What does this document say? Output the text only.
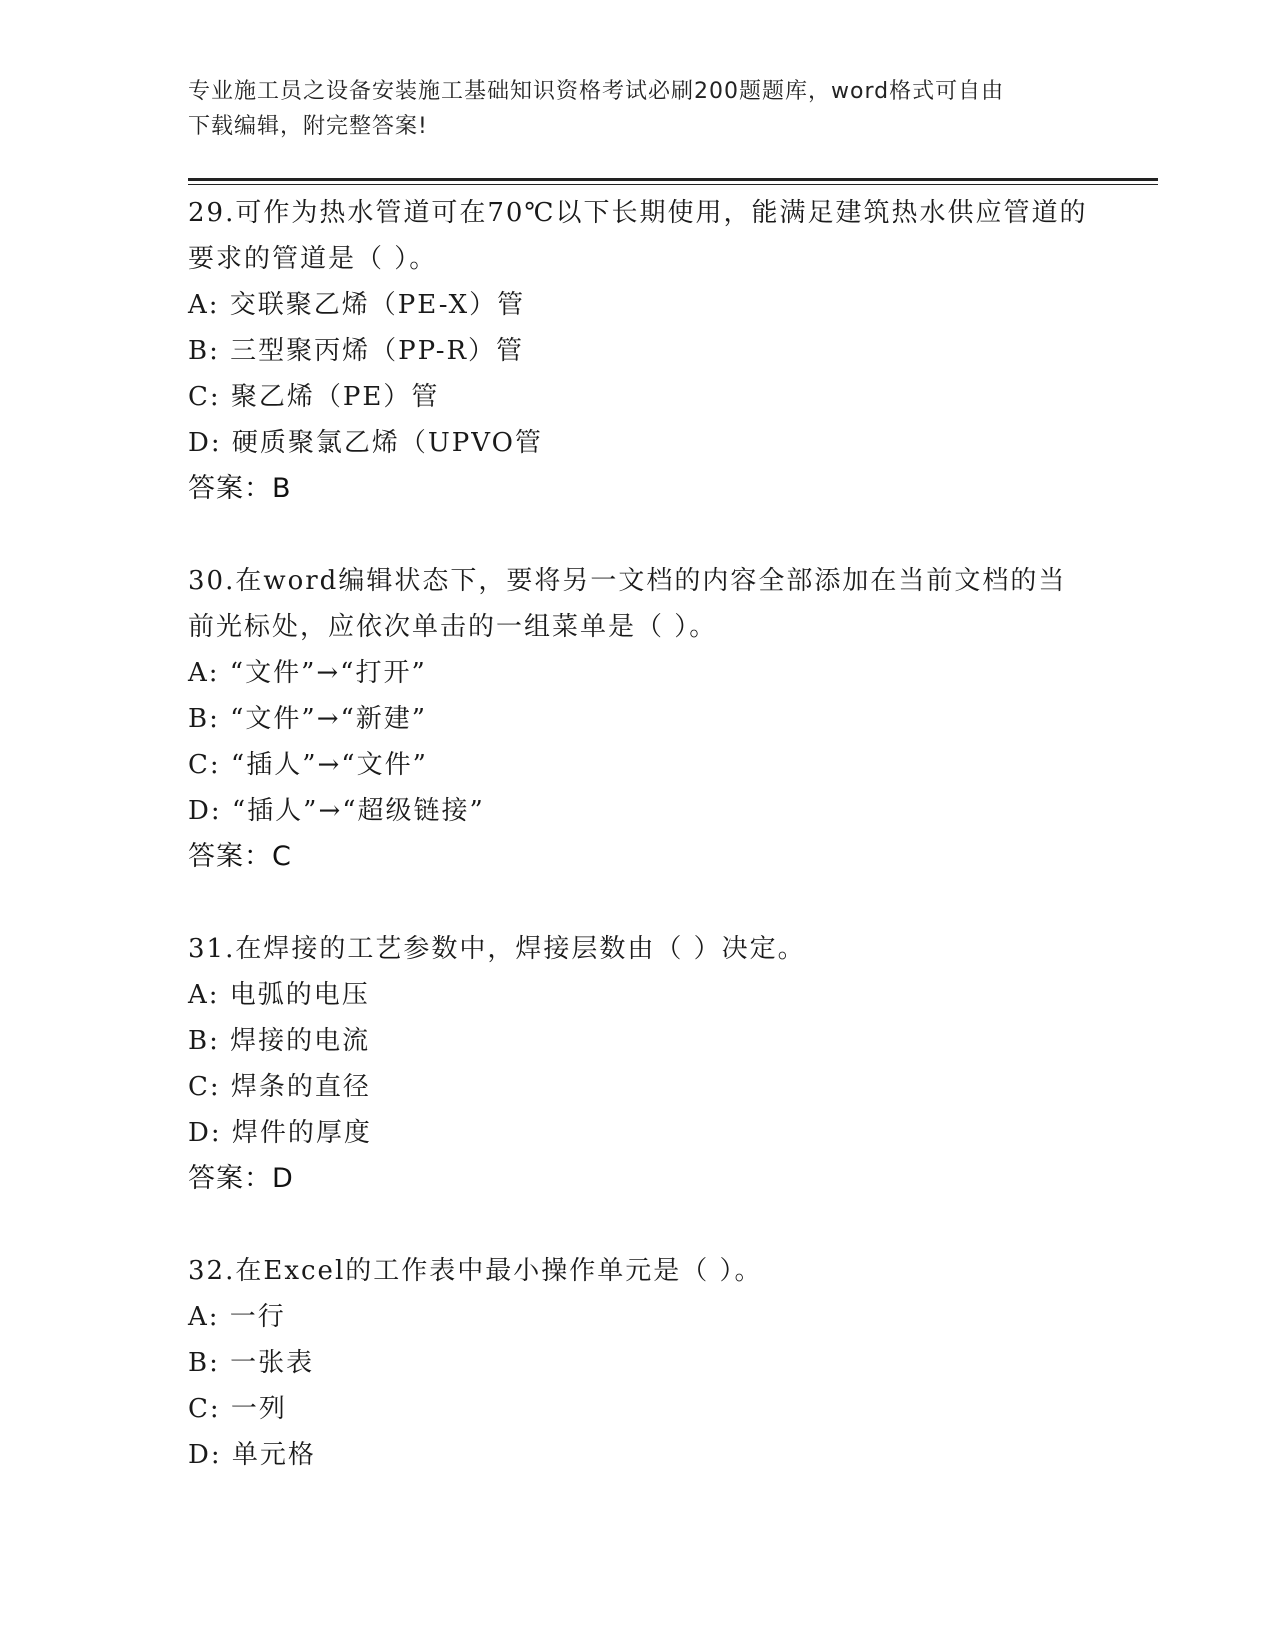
专业施工员之设备安装施工基础知识资格考试必刷200题题库，word格式可自由
下载编辑，附完整答案!
29.可作为热水管道可在70℃以下长期使用，能满足建筑热水供应管道的要求的管道是（ ）。
A: 交联聚乙烯（PE-X）管
B: 三型聚丙烯（PP-R）管
C: 聚乙烯（PE）管
D: 硬质聚氯乙烯（UPVO管
答案：B
30.在word编辑状态下，要将另一文档的内容全部添加在当前文档的当前光标处，应依次单击的一组菜单是（ ）。
A: “文件”→“打开”
B: “文件”→“新建”
C: “插人”→“文件”
D: “插人”→“超级链接”
答案：C
31.在焊接的工艺参数中，焊接层数由（ ）决定。
A: 电弧的电压
B: 焊接的电流
C: 焊条的直径
D: 焊件的厚度
答案：D
32.在Excel的工作表中最小操作单元是（ ）。
A: 一行
B: 一张表
C: 一列
D: 单元格
